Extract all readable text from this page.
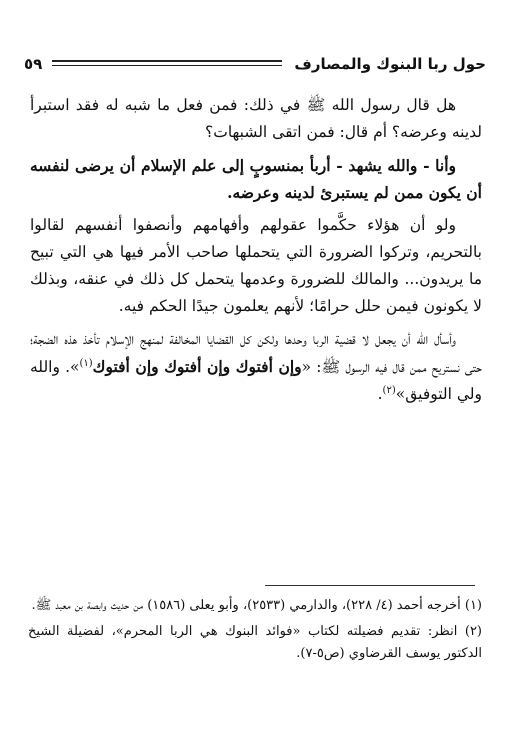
حول ربا البنوك والمصارف
٥٩

هل قال رسول الله ﷺ في ذلك: فمن فعل ما شبه له فقد استبرأ لدينه وعرضه؟ أم قال: فمن اتقى الشبهات؟

وأنا - والله يشهد - أربأ بمنسوبٍ إلى علم الإسلام أن يرضى لنفسه أن يكون ممن لم يستبرئ لدينه وعرضه.

ولو أن هؤلاء حكَّموا عقولهم وأفهامهم وأنصفوا أنفسهم لقالوا بالتحريم، وتركوا الضرورة التي يتحملها صاحب الأمر فيها هي التي تبيح ما يريدون... والمالك للضرورة وعدمها يتحمل كل ذلك في عنقه، وبذلك لا يكونون فيمن حلل حرامًا؛ لأنهم يعلمون جيدًا الحكم فيه.

وأسأل الله أن يجعل لا قضية الربا وحدها ولكن كل القضايا المخالفة لمنهج الإسلام تأخذ هذه الضجة؛ حتى نستريح ممن قال فيه الرسول ﷺ: «وإن أفتوك وإن أفتوك وإن أفتوك$^{(١)}$». والله ولي التوفيق»$^{(٢)}$.

(١) أخرجه أحمد (٤/ ٢٢٨)، والدارمي (٢٥٣٣)، وأبو يعلى (١٥٨٦) من حديث وابصة بن معبد ﷺ.

(٢) انظر: تقديم فضيلته لكتاب «فوائد البنوك هي الربا المحرم»، لفضيلة الشيخ الدكتور يوسف القرضاوي (ص٥-٧).
